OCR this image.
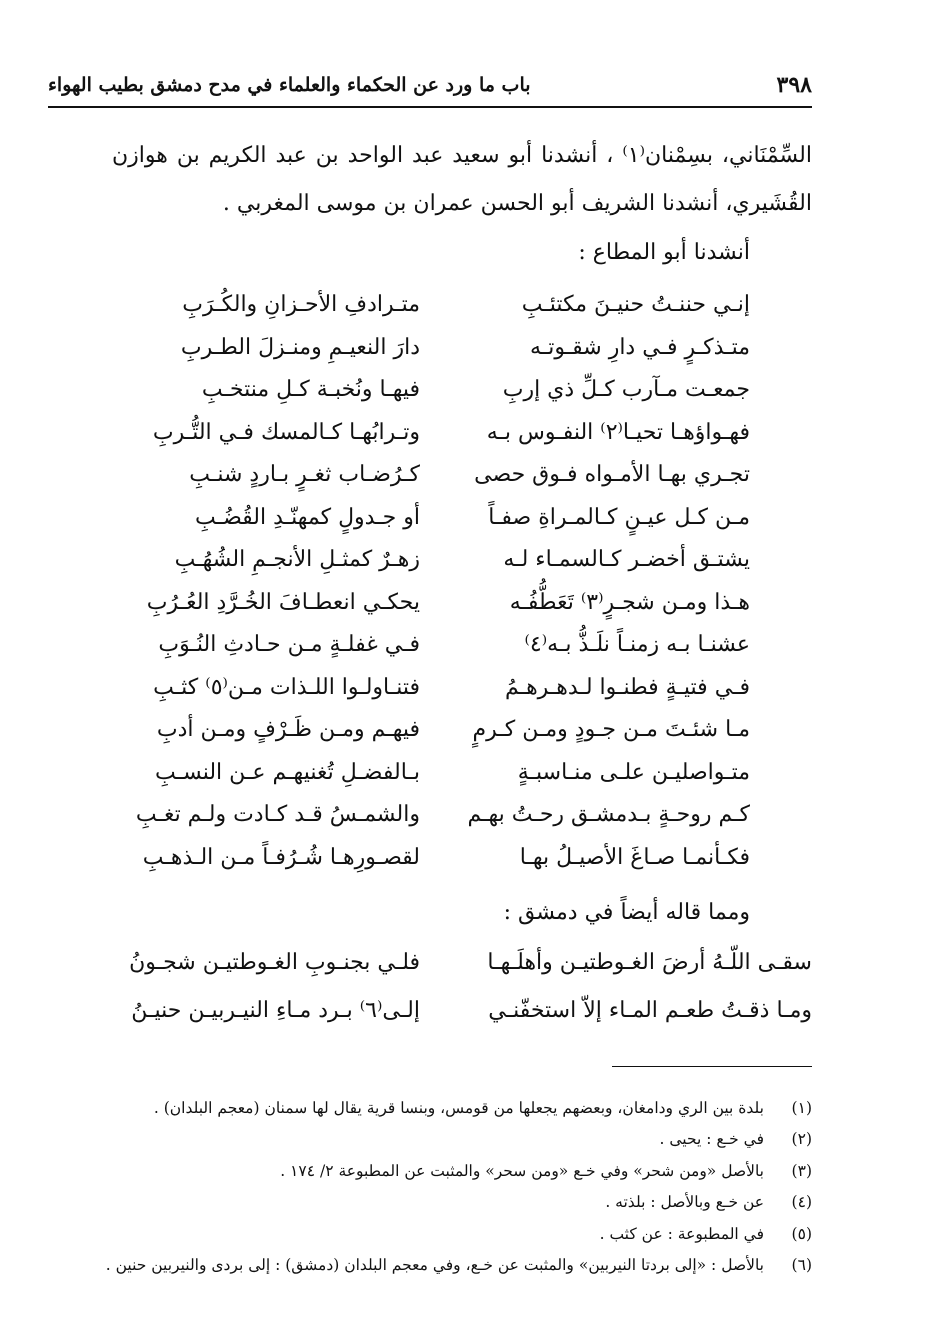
٣٩٨
باب ما ورد عن الحكماء والعلماء في مدح دمشق بطيب الهواء
السِّمْنَاني، بسِمْنان⁽١⁾ ، أنشدنا أبو سعيد عبد الواحد بن عبد الكريم بن هوازن القُشَيري، أنشدنا الشريف أبو الحسن عمران بن موسى المغربي .
أنشدنا أبو المطاع :
إنـي حننـتُ حنيـنَ مكتئـبِ
متـرادفِ الأحـزانِ والكُـرَبِ
متـذكـرٍ فـي دارِ شقـوتـه
دارَ النعيـمِ ومنـزلَ الطـربِ
جمعـت مـآرب كـلِّ ذي إربِ
فيهـا ونُخبـة كـلِ منتخـبِ
فهـواؤهـا تحيـا⁽٢⁾ النفـوس بـه
وتـرابُهـا كـالمسك فـي التُّـربِ
تجـري بهـا الأمـواه فـوق حصى
كـرُضـاب ثغـرٍ بـاردٍ شنـبِ
مـن كـل عيـنٍ كـالمـراةِ صفـاً
أو جـدولٍ كمهنّـدِ القُضُـبِ
يشتـق أخضـر كـالسمـاء لـه
زهـرٌ كمثـلِ الأنجـمِ الشُهُـبِ
هـذا ومـن شجـرٍ⁽٣⁾ تَعَطُّفُـه
يحكـي انعطـافَ الخُـرَّدِ العُـرُبِ
عشنـا بـه زمنـاً نلَـذُّ بـه⁽٤⁾
فـي غفلـةٍ مـن حـادثِ النُـوَبِ
فـي فتيـةٍ فطنـوا لـدهـرهـمُ
فتنـاولـوا اللـذات مـن⁽٥⁾ كثـبِ
مـا شئـتَ مـن جـودٍ ومـن كـرمٍ
فيهـم ومـن ظَـرْفٍ ومـن أدبِ
متـواصليـن علـى منـاسبـةٍ
بـالفضـلِ تُغنيهـم عـن النسـبِ
كـم روحـةٍ بـدمشـق رحـتُ بهـم
والشمـسُ قـد كـادت ولـم تغـبِ
فكـأنمـا صـاغَ الأصيـلُ بهـا
لقصـورِهـا شُـرُفـاً مـن الـذهـبِ
ومما قاله أيضاً في دمشق :
سقـى اللّـهُ أرضَ الغـوطتيـن وأهلَـهـا
فلـي بجنـوبِ الغـوطتيـن شجـونُ
ومـا ذقـتُ طعـم المـاء إلاّ استخفّنـي
إلـى⁽٦⁾ بـرد مـاءِ النيـربيـن حنيـنُ
(١)
بلدة بين الري ودامغان، وبعضهم يجعلها من قومس، وبنسا قرية يقال لها سمنان (معجم البلدان) .
(٢)
في خـع : يحيى .
(٣)
بالأصل «ومن شحر» وفي خـع «ومن سحر» والمثبت عن المطبوعة ٢/ ١٧٤ .
(٤)
عن خـع وبالأصل : بلذته .
(٥)
في المطبوعة : عن كثب .
(٦)
بالأصل : «إلى بردتا النيربين» والمثبت عن خـع، وفي معجم البلدان (دمشق) : إلى بردى والنيربين حنين .
